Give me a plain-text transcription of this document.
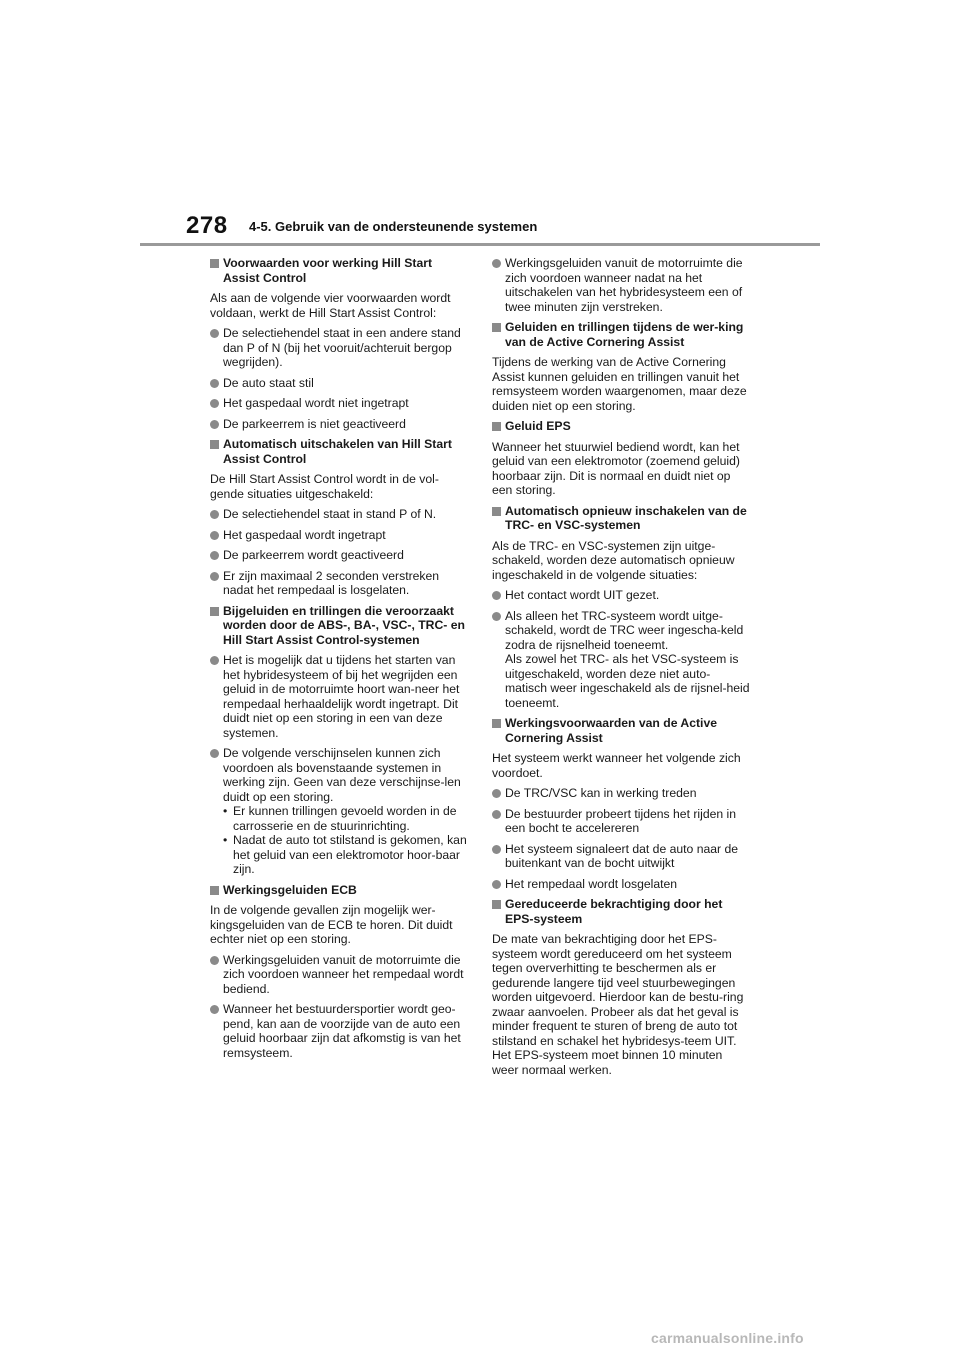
278 4-5. Gebruik van de ondersteunende systemen
Voorwaarden voor werking Hill Start Assist Control
Als aan de volgende vier voorwaarden wordt voldaan, werkt de Hill Start Assist Control:
De selectiehendel staat in een andere stand dan P of N (bij het vooruit/achteruit bergop wegrijden).
De auto staat stil
Het gaspedaal wordt niet ingetrapt
De parkeerrem is niet geactiveerd
Automatisch uitschakelen van Hill Start Assist Control
De Hill Start Assist Control wordt in de vol-gende situaties uitgeschakeld:
De selectiehendel staat in stand P of N.
Het gaspedaal wordt ingetrapt
De parkeerrem wordt geactiveerd
Er zijn maximaal 2 seconden verstreken nadat het rempedaal is losgelaten.
Bijgeluiden en trillingen die veroorzaakt worden door de ABS-, BA-, VSC-, TRC- en Hill Start Assist Control-systemen
Het is mogelijk dat u tijdens het starten van het hybridesysteem of bij het wegrijden een geluid in de motorruimte hoort wan-neer het rempedaal herhaaldelijk wordt ingetrapt. Dit duidt niet op een storing in een van deze systemen.
De volgende verschijnselen kunnen zich voordoen als bovenstaande systemen in werking zijn. Geen van deze verschijnse-len duidt op een storing.
• Er kunnen trillingen gevoeld worden in de carrosserie en de stuurinrichting.
• Nadat de auto tot stilstand is gekomen, kan het geluid van een elektromotor hoor-baar zijn.
Werkingsgeluiden ECB
In de volgende gevallen zijn mogelijk wer-kingsgeluiden van de ECB te horen. Dit duidt echter niet op een storing.
Werkingsgeluiden vanuit de motorruimte die zich voordoen wanneer het rempedaal wordt bediend.
Wanneer het bestuurdersportier wordt geo-pend, kan aan de voorzijde van de auto een geluid hoorbaar zijn dat afkomstig is van het remsysteem.
Werkingsgeluiden vanuit de motorruimte die zich voordoen wanneer nadat na het uitschakelen van het hybridesysteem een of twee minuten zijn verstreken.
Geluiden en trillingen tijdens de wer-king van de Active Cornering Assist
Tijdens de werking van de Active Cornering Assist kunnen geluiden en trillingen vanuit het remsysteem worden waargenomen, maar deze duiden niet op een storing.
Geluid EPS
Wanneer het stuurwiel bediend wordt, kan het geluid van een elektromotor (zoemend geluid) hoorbaar zijn. Dit is normaal en duidt niet op een storing.
Automatisch opnieuw inschakelen van de TRC- en VSC-systemen
Als de TRC- en VSC-systemen zijn uitge-schakeld, worden deze automatisch opnieuw ingeschakeld in de volgende situaties:
Het contact wordt UIT gezet.
Als alleen het TRC-systeem wordt uitge-schakeld, wordt de TRC weer ingescha-keld zodra de rijsnelheid toeneemt.
Als zowel het TRC- als het VSC-systeem is uitgeschakeld, worden deze niet auto-matisch weer ingeschakeld als de rijsnel-heid toeneemt.
Werkingsvoorwaarden van de Active Cornering Assist
Het systeem werkt wanneer het volgende zich voordoet.
De TRC/VSC kan in werking treden
De bestuurder probeert tijdens het rijden in een bocht te accelereren
Het systeem signaleert dat de auto naar de buitenkant van de bocht uitwijkt
Het rempedaal wordt losgelaten
Gereduceerde bekrachtiging door het EPS-systeem
De mate van bekrachtiging door het EPS-systeem wordt gereduceerd om het systeem tegen oververhitting te beschermen als er gedurende langere tijd veel stuurbewegingen worden uitgevoerd. Hierdoor kan de bestu-ring zwaar aanvoelen. Probeer als dat het geval is minder frequent te sturen of breng de auto tot stilstand en schakel het hybridesys-teem UIT. Het EPS-systeem moet binnen 10 minuten weer normaal werken.
carmanualsonline.info
